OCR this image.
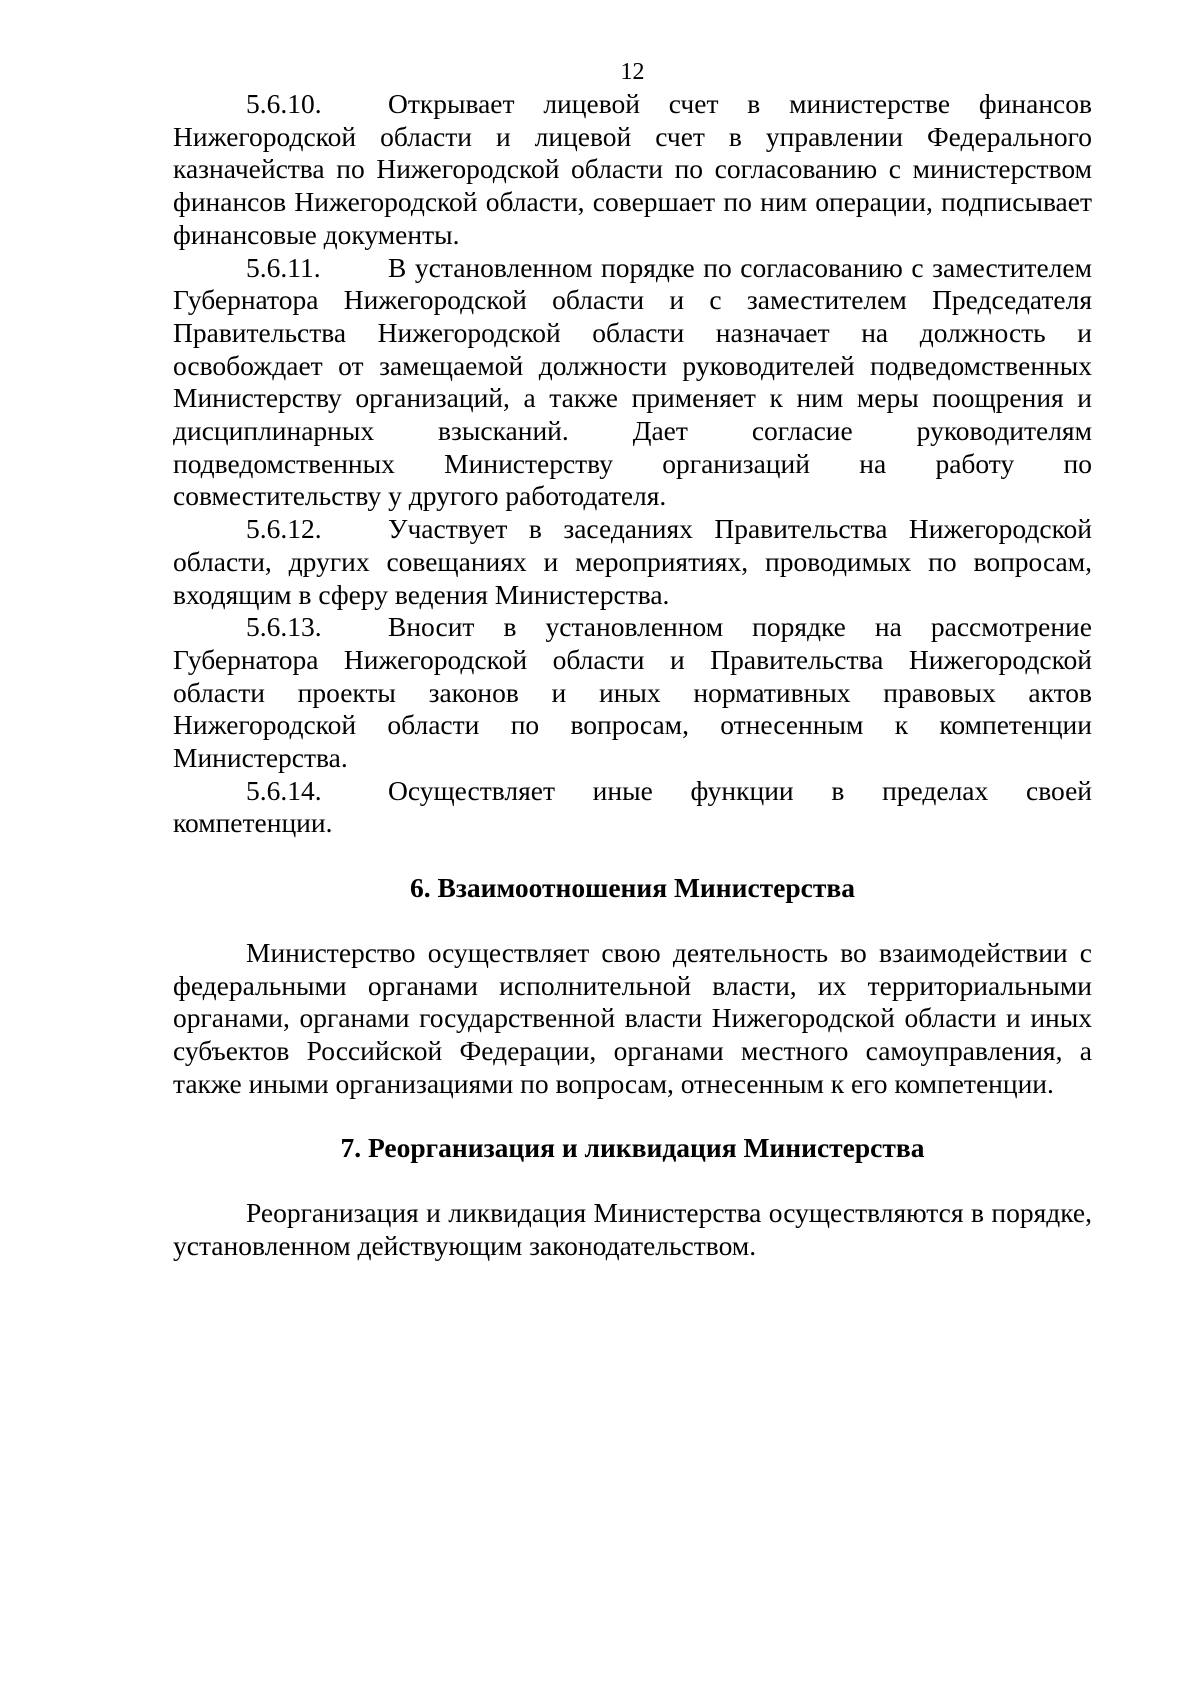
12

5.6.10. Открывает лицевой счет в министерстве финансов Нижегородской области и лицевой счет в управлении Федерального казначейства по Нижегородской области по согласованию с министерством финансов Нижегородской области, совершает по ним операции, подписывает финансовые документы.

5.6.11. В установленном порядке по согласованию с заместителем Губернатора Нижегородской области и с заместителем Председателя Правительства Нижегородской области назначает на должность и освобождает от замещаемой должности руководителей подведомственных Министерству организаций, а также применяет к ним меры поощрения и дисциплинарных взысканий. Дает согласие руководителям подведомственных Министерству организаций на работу по совместительству у другого работодателя.

5.6.12. Участвует в заседаниях Правительства Нижегородской области, других совещаниях и мероприятиях, проводимых по вопросам, входящим в сферу ведения Министерства.

5.6.13. Вносит в установленном порядке на рассмотрение Губернатора Нижегородской области и Правительства Нижегородской области проекты законов и иных нормативных правовых актов Нижегородской области по вопросам, отнесенным к компетенции Министерства.

5.6.14. Осуществляет иные функции в пределах своей компетенции.

6. Взаимоотношения Министерства

Министерство осуществляет свою деятельность во взаимодействии с федеральными органами исполнительной власти, их территориальными органами, органами государственной власти Нижегородской области и иных субъектов Российской Федерации, органами местного самоуправления, а также иными организациями по вопросам, отнесенным к его компетенции.

7. Реорганизация и ликвидация Министерства

Реорганизация и ликвидация Министерства осуществляются в порядке, установленном действующим законодательством.
